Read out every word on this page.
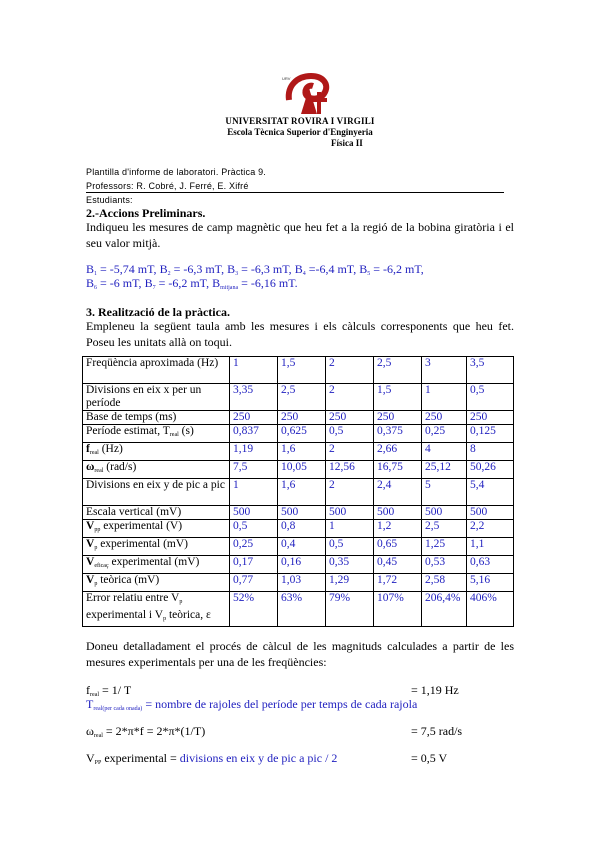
URV
UNIVERSITAT ROVIRA I VIRGILI
Escola Tècnica Superior d'Enginyeria
Física II
Plantilla d'informe de laboratori. Pràctica 9.
Professors: R. Cobré, J. Ferré, E. Xifré
Estudiants:
2.-Accions Preliminars.
Indiqueu les mesures de camp magnètic que heu fet a la regió de la bobina giratòria i el seu valor mitjà.
$B_1 = -5,74$ mT, $B_2 = -6,3$ mT, $B_3 = -6,3$ mT, $B_4 =-6,4$ mT, $B_5 = -6,2$ mT,
$B_6 = -6$ mT, $B_7 = -6,2$ mT, $B_{mitjana} = -6,16$ mT.
3. Realització de la pràctica.
Empleneu la següent taula amb les mesures i els càlculs corresponents que heu fet. Poseu les unitats allà on toqui.
Freqüència aproximada (Hz)	1	1,5	2	2,5	3	3,5
Divisions en eix x per un període	3,35	2,5	2	1,5	1	0,5
Base de temps (ms)	250	250	250	250	250	250
Període estimat, $T_{real}$ (s)	0,837	0,625	0,5	0,375	0,25	0,125
$f_{real}$ (Hz)	1,19	1,6	2	2,66	4	8
$\omega_{real}$ (rad/s)	7,5	10,05	12,56	16,75	25,12	50,26
Divisions en eix y de pic a pic	1	1,6	2	2,4	5	5,4
Escala vertical (mV)	500	500	500	500	500	500
$V_{pp}$ experimental (V)	0,5	0,8	1	1,2	2,5	2,2
$V_p$ experimental (mV)	0,25	0,4	0,5	0,65	1,25	1,1
$V_{eficaç}$ experimental (mV)	0,17	0,16	0,35	0,45	0,53	0,63
$V_p$ teòrica (mV)	0,77	1,03	1,29	1,72	2,58	5,16
Error relatiu entre $V_p$ experimental i $V_p$ teòrica, ε	52%	63%	79%	107%	206,4%	406%
Doneu detalladament el procés de càlcul de les magnituds calculades a partir de les mesures experimentals per una de les freqüències:
$f_{real} = 1/$ T	= 1,19 Hz
$T_{real(per cada onada)}$ = nombre de rajoles del període per temps de cada rajola
$\omega_{real} = 2*\pi*f = 2*\pi*(1/T)$	= 7,5 rad/s
$V_{PP}$ experimental = divisions en eix y de pic a pic / 2	= 0,5 V
